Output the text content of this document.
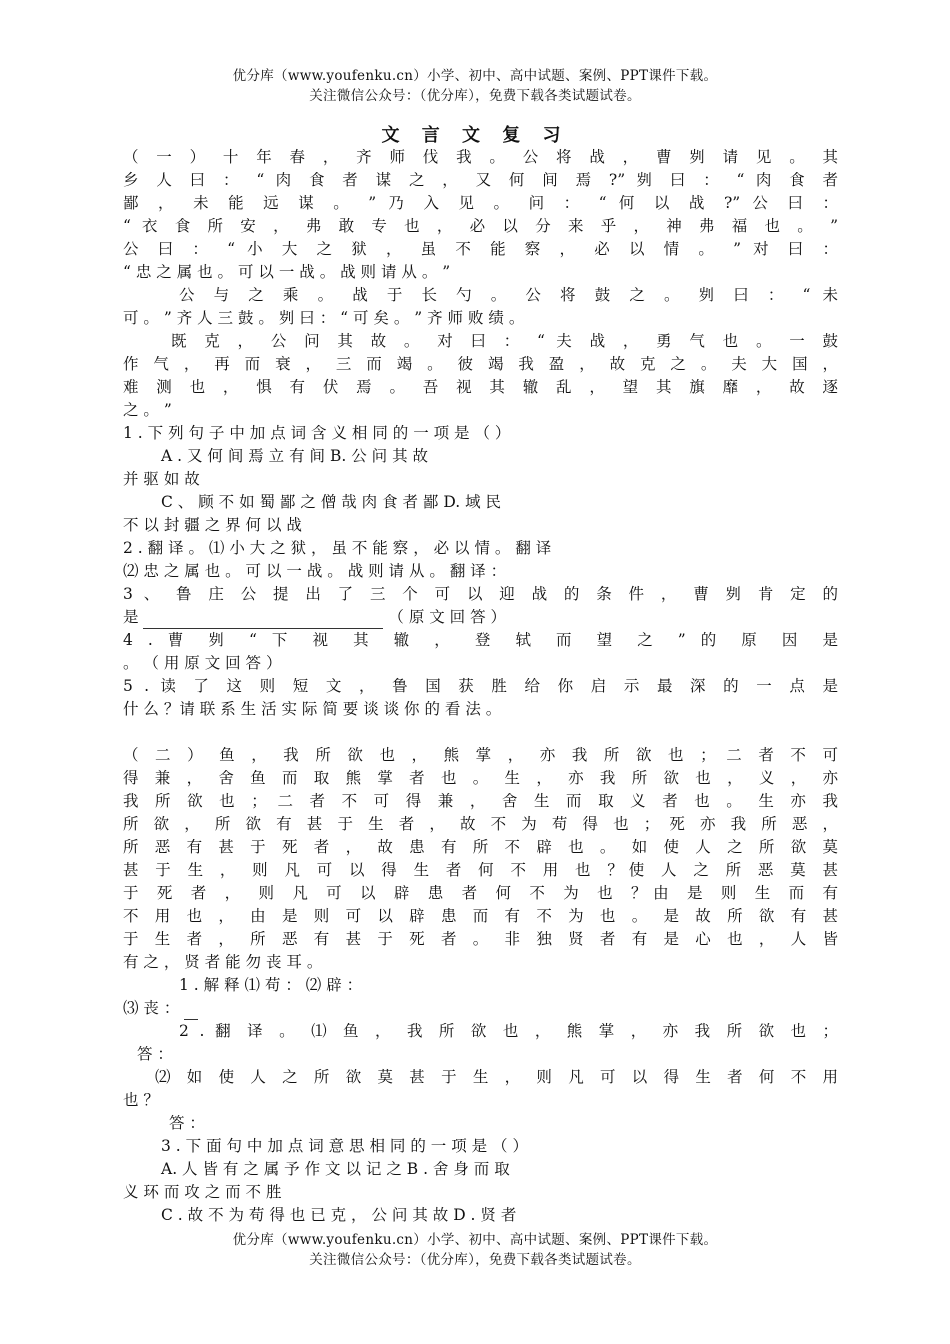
优分库（www.youfenku.cn）小学、初中、高中试题、案例、PPT课件下载。
关注微信公众号：（优分库），免费下载各类试题试卷。
文 言 文 复 习
（ 一 ） 十 年 春 ， 齐 师 伐 我 。 公 将 战 ， 曹 刿 请 见 。 其
乡 人 曰 ： “ 肉 食 者 谋 之 ， 又 何 间 焉 ?” 刿 曰 ： “ 肉 食 者
鄙 ， 未 能 远 谋 。 ” 乃 入 见 。 问 ： “ 何 以 战 ?” 公 曰 ：
“ 衣 食 所 安 ， 弗 敢 专 也 ， 必 以 分 来 乎 ， 神 弗 福 也 。 ”
公 曰 ： “ 小 大 之 狱 ， 虽 不 能 察 ， 必 以 情 。 ” 对 曰 ：
“ 忠 之 属 也 。 可 以 一 战 。 战 则 请 从 。 ”
公 与 之 乘 。 战 于 长 勺 。 公 将 鼓 之 。 刿 曰 ： “ 未
可 。 ” 齐 人 三 鼓 。 刿 曰 ： “ 可 矣 。 ” 齐 师 败 绩 。
既 克 ， 公 问 其 故 。 对 曰 ： “ 夫 战 ， 勇 气 也 。 一 鼓
作 气 ， 再 而 衰 ， 三 而 竭 。 彼 竭 我 盈 ， 故 克 之 。 夫 大 国 ，
难 测 也 ， 惧 有 伏 焉 。 吾 视 其 辙 乱 ， 望 其 旗 靡 ， 故 逐
之 。 ”
1 . 下 列 句 子 中 加 点 词 含 义 相 同 的 一 项 是 （ ）
A . 又 何 间 焉 立 有 间 B. 公 问 其 故
并 驱 如 故
C 、 顾 不 如 蜀 鄙 之 僧 哉 肉 食 者 鄙 D. 域 民
不 以 封 疆 之 界 何 以 战
2 . 翻 译 。 ⑴ 小 大 之 狱 ， 虽 不 能 察 ， 必 以 情 。 翻 译
⑵ 忠 之 属 也 。 可 以 一 战 。 战 则 请 从 。 翻 译 ：
3 、 鲁 庄 公 提 出 了 三 个 可 以 迎 战 的 条 件 ， 曹 刿 肯 定 的
是	（ 原 文 回 答 ）
4 . 曹 刿 “ 下 视 其 辙 ， 登 轼 而 望 之 ” 的 原 因 是
。 （ 用 原 文 回 答 ）
5 . 读 了 这 则 短 文 ， 鲁 国 获 胜 给 你 启 示 最 深 的 一 点 是
什 么 ？请 联 系 生 活 实 际 简 要 谈 谈 你 的 看 法 。
（ 二 ） 鱼 ， 我 所 欲 也 ， 熊 掌 ， 亦 我 所 欲 也 ； 二 者 不 可
得 兼 ， 舍 鱼 而 取 熊 掌 者 也 。 生 ， 亦 我 所 欲 也 ， 义 ， 亦
我 所 欲 也 ； 二 者 不 可 得 兼 ， 舍 生 而 取 义 者 也 。 生 亦 我
所 欲 ， 所 欲 有 甚 于 生 者 ， 故 不 为 苟 得 也 ； 死 亦 我 所 恶 ，
所 恶 有 甚 于 死 者 ， 故 患 有 所 不 辟 也 。 如 使 人 之 所 欲 莫
甚 于 生 ， 则 凡 可 以 得 生 者 何 不 用 也 ？使 人 之 所 恶 莫 甚
于 死 者 ， 则 凡 可 以 辟 患 者 何 不 为 也 ？由 是 则 生 而 有
不 用 也 ， 由 是 则 可 以 辟 患 而 有 不 为 也 。 是 故 所 欲 有 甚
于 生 者 ， 所 恶 有 甚 于 死 者 。 非 独 贤 者 有 是 心 也 ， 人 皆
有 之 ， 贤 者 能 勿 丧 耳 。
1 . 解 释 ⑴ 苟 ： ⑵ 辟 ：
⑶ 丧 ：
2 . 翻 译 。 ⑴ 鱼 ， 我 所 欲 也 ， 熊 掌 ， 亦 我 所 欲 也 ；
答 ：
⑵ 如 使 人 之 所 欲 莫 甚 于 生 ， 则 凡 可 以 得 生 者 何 不 用
也 ？
答 ：
3 . 下 面 句 中 加 点 词 意 思 相 同 的 一 项 是 （ ）
A. 人 皆 有 之 属 予 作 文 以 记 之 B . 舍 身 而 取
义 环 而 攻 之 而 不 胜
C . 故 不 为 苟 得 也 已 克 ， 公 问 其 故 D . 贤 者
优分库（www.youfenku.cn）小学、初中、高中试题、案例、PPT课件下载。
关注微信公众号：（优分库），免费下载各类试题试卷。
